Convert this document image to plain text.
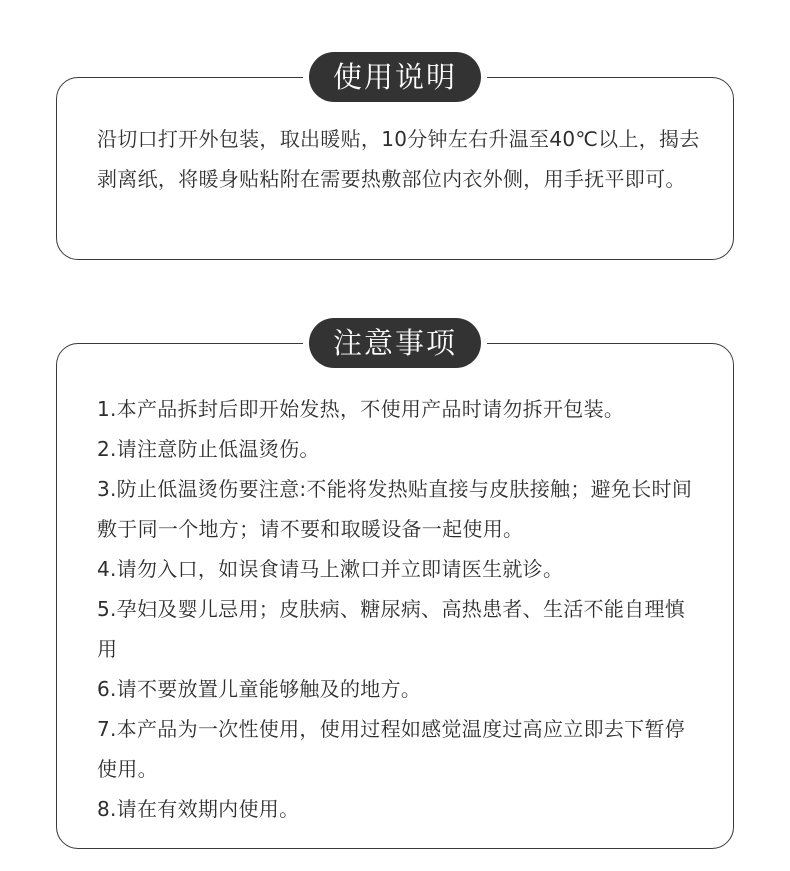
使用说明
沿切口打开外包装，取出暖贴，10分钟左右升温至40℃以上，揭去剥离纸，将暖身贴粘附在需要热敷部位内衣外侧，用手抚平即可。
注意事项

1.本产品拆封后即开始发热，不使用产品时请勿拆开包装。

2.请注意防止低温烫伤。

3.防止低温烫伤要注意:不能将发热贴直接与皮肤接触；避免长时间敷于同一个地方；请不要和取暖设备一起使用。

4.请勿入口，如误食请马上漱口并立即请医生就诊。

5.孕妇及婴儿忌用；皮肤病、糖尿病、高热患者、生活不能自理慎用

6.请不要放置儿童能够触及的地方。

7.本产品为一次性使用，使用过程如感觉温度过高应立即去下暂停使用。

8.请在有效期内使用。
